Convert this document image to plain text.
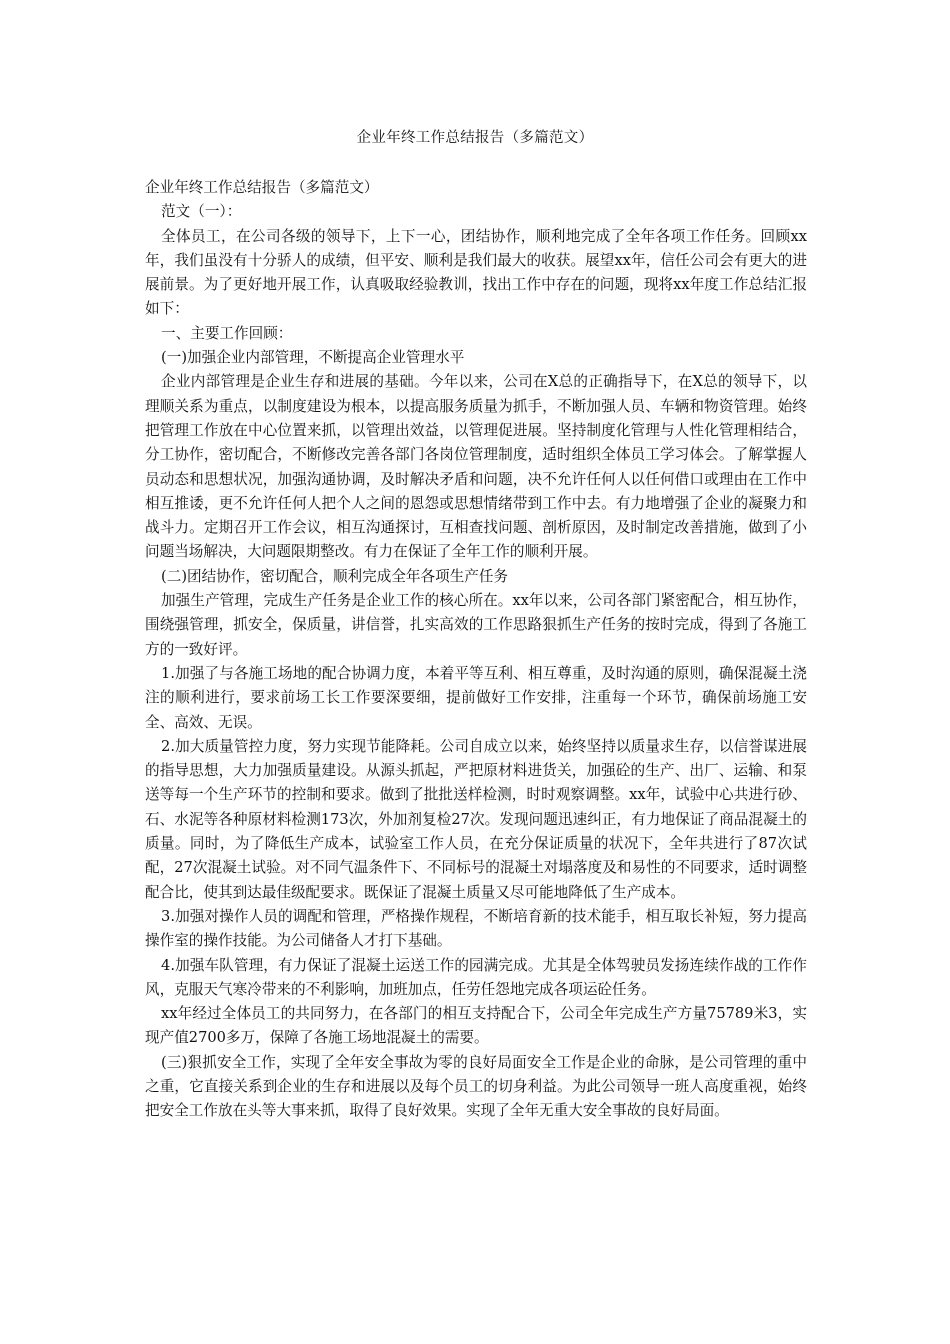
企业年终工作总结报告（多篇范文）

企业年终工作总结报告（多篇范文）

范文（一）：

全体员工，在公司各级的领导下，上下一心，团结协作，顺利地完成了全年各项工作任务。回顾xx年，我们虽没有十分骄人的成绩，但平安、顺利是我们最大的收获。展望xx年，信任公司会有更大的进展前景。为了更好地开展工作，认真吸取经验教训，找出工作中存在的问题，现将xx年度工作总结汇报如下：

一、主要工作回顾：

(一)加强企业内部管理，不断提高企业管理水平

企业内部管理是企业生存和进展的基础。今年以来，公司在X总的正确指导下，在X总的领导下，以理顺关系为重点，以制度建设为根本，以提高服务质量为抓手，不断加强人员、车辆和物资管理。始终把管理工作放在中心位置来抓，以管理出效益，以管理促进展。坚持制度化管理与人性化管理相结合，分工协作，密切配合，不断修改完善各部门各岗位管理制度，适时组织全体员工学习体会。了解掌握人员动态和思想状况，加强沟通协调，及时解决矛盾和问题，决不允许任何人以任何借口或理由在工作中相互推诿，更不允许任何人把个人之间的恩怨或思想情绪带到工作中去。有力地增强了企业的凝聚力和战斗力。定期召开工作会议，相互沟通探讨，互相查找问题、剖析原因，及时制定改善措施，做到了小问题当场解决，大问题限期整改。有力在保证了全年工作的顺利开展。

(二)团结协作，密切配合，顺利完成全年各项生产任务

加强生产管理，完成生产任务是企业工作的核心所在。xx年以来，公司各部门紧密配合，相互协作，围绕强管理，抓安全，保质量，讲信誉，扎实高效的工作思路狠抓生产任务的按时完成，得到了各施工方的一致好评。

1.加强了与各施工场地的配合协调力度，本着平等互利、相互尊重，及时沟通的原则，确保混凝土浇注的顺利进行，要求前场工长工作要深要细，提前做好工作安排，注重每一个环节，确保前场施工安全、高效、无误。

2.加大质量管控力度，努力实现节能降耗。公司自成立以来，始终坚持以质量求生存，以信誉谋进展的指导思想，大力加强质量建设。从源头抓起，严把原材料进货关，加强砼的生产、出厂、运输、和泵送等每一个生产环节的控制和要求。做到了批批送样检测，时时观察调整。xx年，试验中心共进行砂、石、水泥等各种原材料检测173次，外加剂复检27次。发现问题迅速纠正，有力地保证了商品混凝土的质量。同时，为了降低生产成本，试验室工作人员，在充分保证质量的状况下，全年共进行了87次试配，27次混凝土试验。对不同气温条件下、不同标号的混凝土对塌落度及和易性的不同要求，适时调整配合比，使其到达最佳级配要求。既保证了混凝土质量又尽可能地降低了生产成本。

3.加强对操作人员的调配和管理，严格操作规程，不断培育新的技术能手，相互取长补短，努力提高操作室的操作技能。为公司储备人才打下基础。

4.加强车队管理，有力保证了混凝土运送工作的园满完成。尤其是全体驾驶员发扬连续作战的工作作风，克服天气寒冷带来的不利影响，加班加点，任劳任怨地完成各项运砼任务。

xx年经过全体员工的共同努力，在各部门的相互支持配合下，公司全年完成生产方量75789米3，实现产值2700多万，保障了各施工场地混凝土的需要。

(三)狠抓安全工作，实现了全年安全事故为零的良好局面安全工作是企业的命脉，是公司管理的重中之重，它直接关系到企业的生存和进展以及每个员工的切身利益。为此公司领导一班人高度重视，始终把安全工作放在头等大事来抓，取得了良好效果。实现了全年无重大安全事故的良好局面。
